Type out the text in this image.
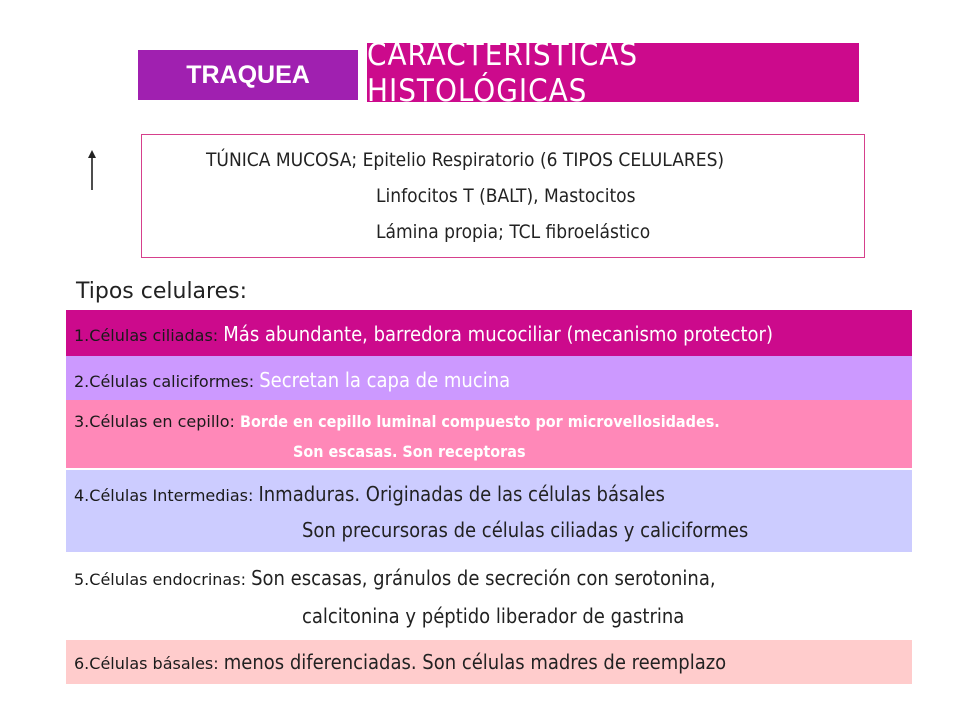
TRAQUEA
CARACTERÍSTICAS HISTOLÓGICAS
TÚNICA MUCOSA; Epitelio Respiratorio (6 TIPOS CELULARES)
Linfocitos T (BALT), Mastocitos
Lámina propia; TCL fibroelástico
Tipos celulares:
1.Células ciliadas: Más abundante, barredora mucociliar (mecanismo protector)
2.Células caliciformes: Secretan la capa de mucina
3.Células en cepillo: Borde en cepillo luminal compuesto por microvellosidades.
Son escasas. Son receptoras
4.Células Intermedias: Inmaduras. Originadas de las células básales
Son precursoras de células ciliadas y caliciformes
5.Células endocrinas: Son escasas, gránulos de secreción con serotonina,
calcitonina y péptido liberador de gastrina
6.Células básales: menos diferenciadas. Son células madres de reemplazo
